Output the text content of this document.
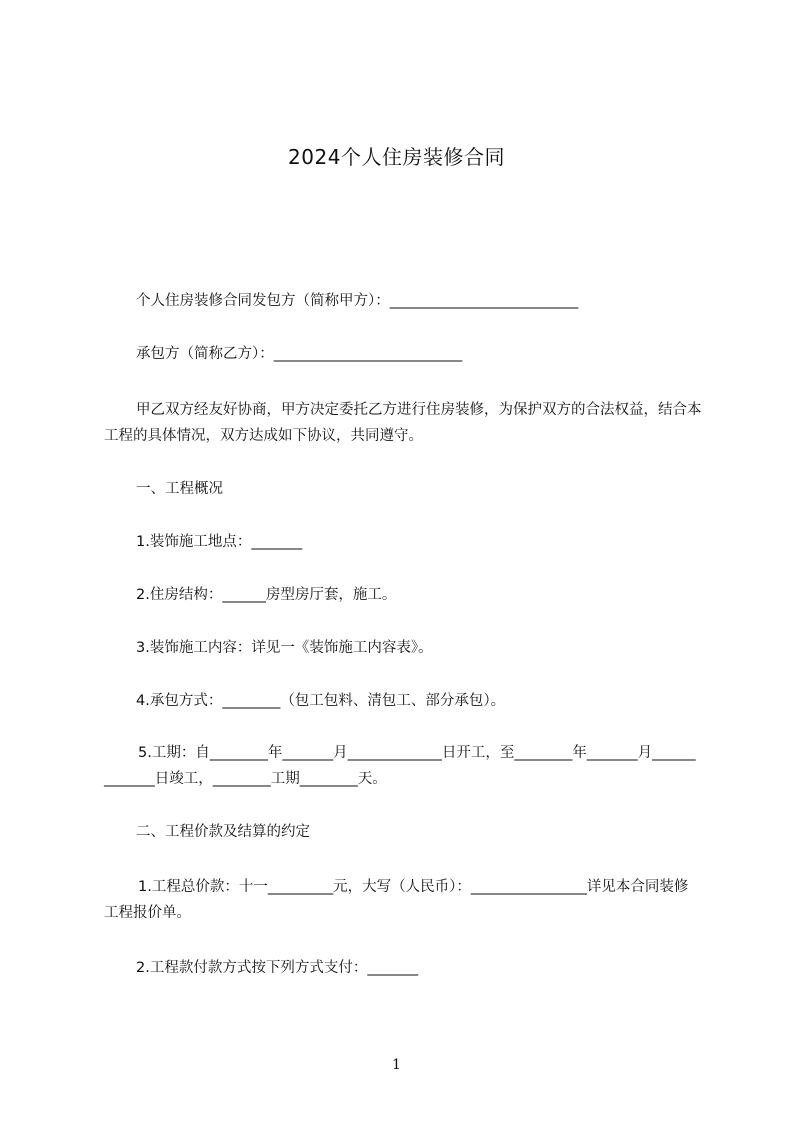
2024个人住房装修合同
个人住房装修合同发包方（简称甲方）：__________________________
承包方（简称乙方）：__________________________
甲乙双方经友好协商，甲方决定委托乙方进行住房装修，为保护双方的合法权益，结合本工程的具体情况，双方达成如下协议，共同遵守。
一、工程概况
1.装饰施工地点：_______
2.住房结构：______房型房厅套，施工。
3.装饰施工内容：详见一《装饰施工内容表》。
4.承包方式：________（包工包料、清包工、部分承包）。
5.工期：自________年_______月_____________日开工，至________年_______月_____________日竣工，________工期________天。
二、工程价款及结算的约定
1.工程总价款：十一_________元，大写（人民币）：________________详见本合同装修工程报价单。
2.工程款付款方式按下列方式支付：_______
1
